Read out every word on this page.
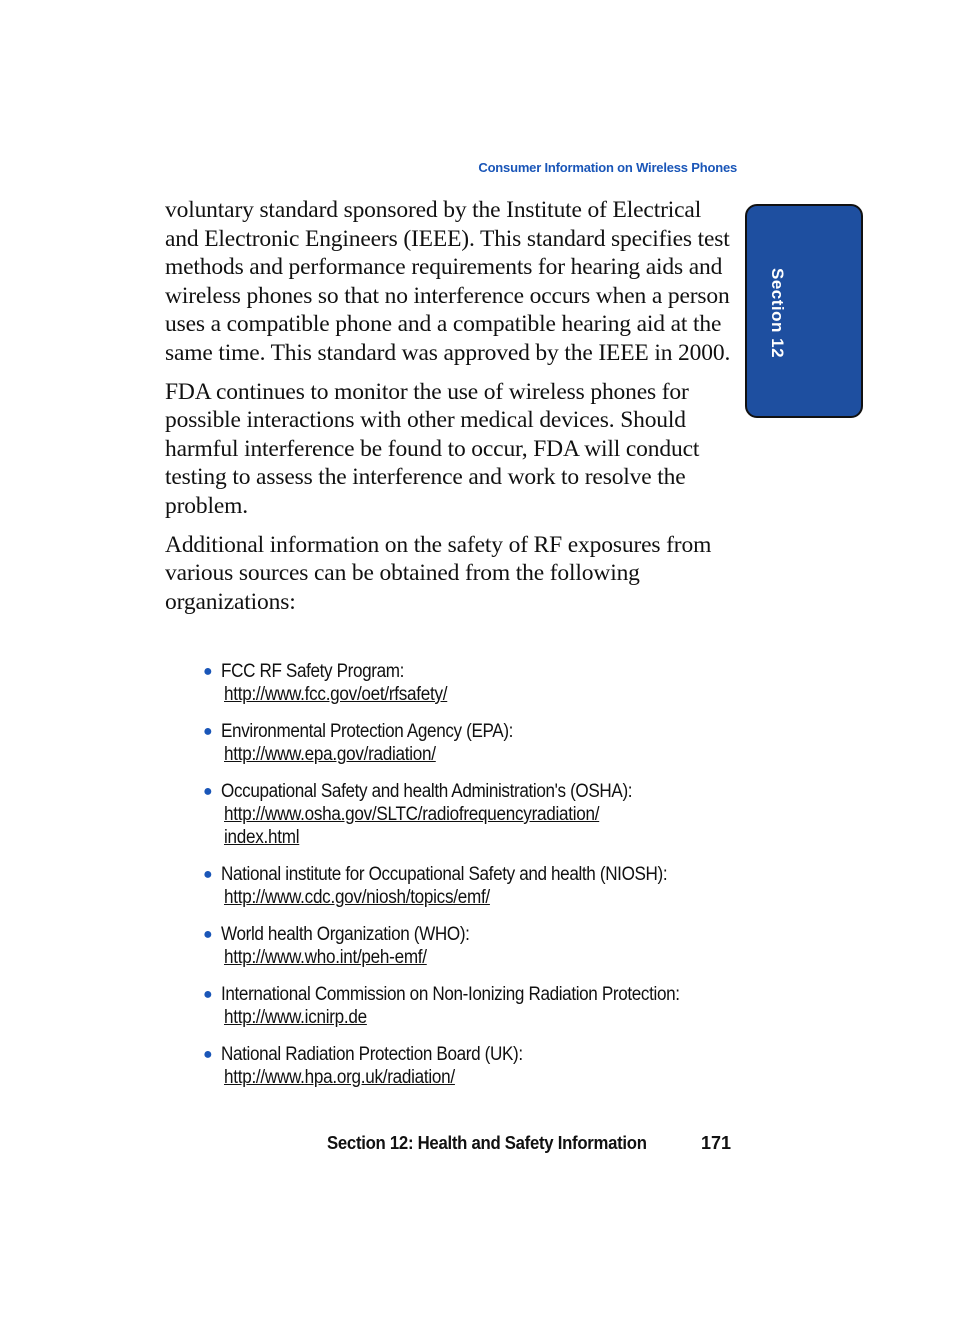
Consumer Information on Wireless Phones
Section 12

voluntary standard sponsored by the Institute of Electrical and Electronic Engineers (IEEE). This standard specifies test methods and performance requirements for hearing aids and wireless phones so that no interference occurs when a person uses a compatible phone and a compatible hearing aid at the same time. This standard was approved by the IEEE in 2000.

FDA continues to monitor the use of wireless phones for possible interactions with other medical devices. Should harmful interference be found to occur, FDA will conduct testing to assess the interference and work to resolve the problem.

Additional information on the safety of RF exposures from various sources can be obtained from the following organizations:

● FCC RF Safety Program:
http://www.fcc.gov/oet/rfsafety/
● Environmental Protection Agency (EPA):
http://www.epa.gov/radiation/
● Occupational Safety and health Administration's (OSHA):
http://www.osha.gov/SLTC/radiofrequencyradiation/
index.html
● National institute for Occupational Safety and health (NIOSH):
http://www.cdc.gov/niosh/topics/emf/
● World health Organization (WHO):
http://www.who.int/peh-emf/
● International Commission on Non-Ionizing Radiation Protection:
http://www.icnirp.de
● National Radiation Protection Board (UK):
http://www.hpa.org.uk/radiation/
Section 12: Health and Safety Information	171
